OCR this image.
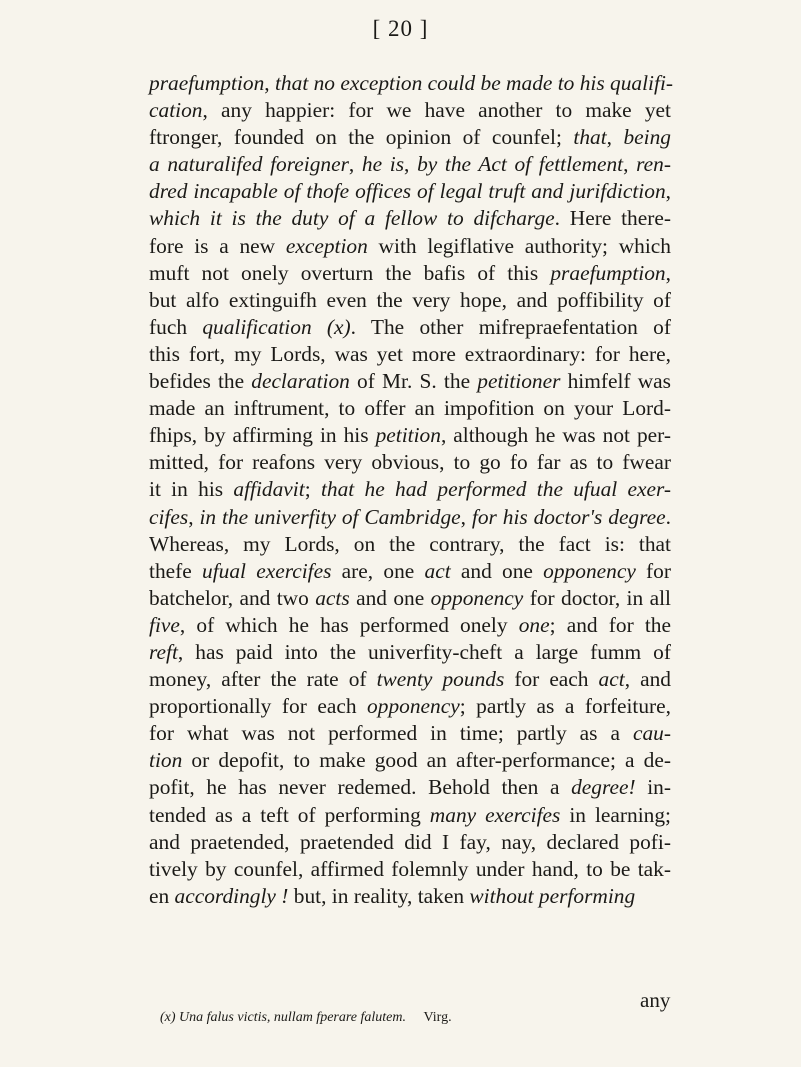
[ 20 ]
praefumption, that no exception could be made to his qualifi-
cation, any happier: for we have another to make yet
ftronger, founded on the opinion of counfel; that, being
a naturalifed foreigner, he is, by the Act of fettlement, ren-
dred incapable of thofe offices of legal truft and jurifdiction,
which it is the duty of a fellow to difcharge. Here there-
fore is a new exception with legiflative authority; which
muft not onely overturn the bafis of this praefumption,
but alfo extinguifh even the very hope, and poffibility of
fuch qualification (x). The other mifrepraefentation of
this fort, my Lords, was yet more extraordinary: for here,
befides the declaration of Mr. S. the petitioner himfelf was
made an inftrument, to offer an impofition on your Lord-
fhips, by affirming in his petition, although he was not per-
mitted, for reafons very obvious, to go fo far as to fwear
it in his affidavit; that he had performed the ufual exer-
cifes, in the univerfity of Cambridge, for his doctor's degree.
Whereas, my Lords, on the contrary, the fact is: that
thefe ufual exercifes are, one act and one opponency for
batchelor, and two acts and one opponency for doctor, in all
five, of which he has performed onely one; and for the
reft, has paid into the univerfity-cheft a large fumm of
money, after the rate of twenty pounds for each act, and
proportionally for each opponency; partly as a forfeiture,
for what was not performed in time; partly as a cau-
tion or depofit, to make good an after-performance; a de-
pofit, he has never redemed. Behold then a degree! in-
tended as a teft of performing many exercifes in learning;
and praetended, praetended did I fay, nay, declared pofi-
tively by counfel, affirmed folemnly under hand, to be tak-
en accordingly ! but, in reality, taken without performing
any
(x) Una falus victis, nullam fperare falutem. Virg.
